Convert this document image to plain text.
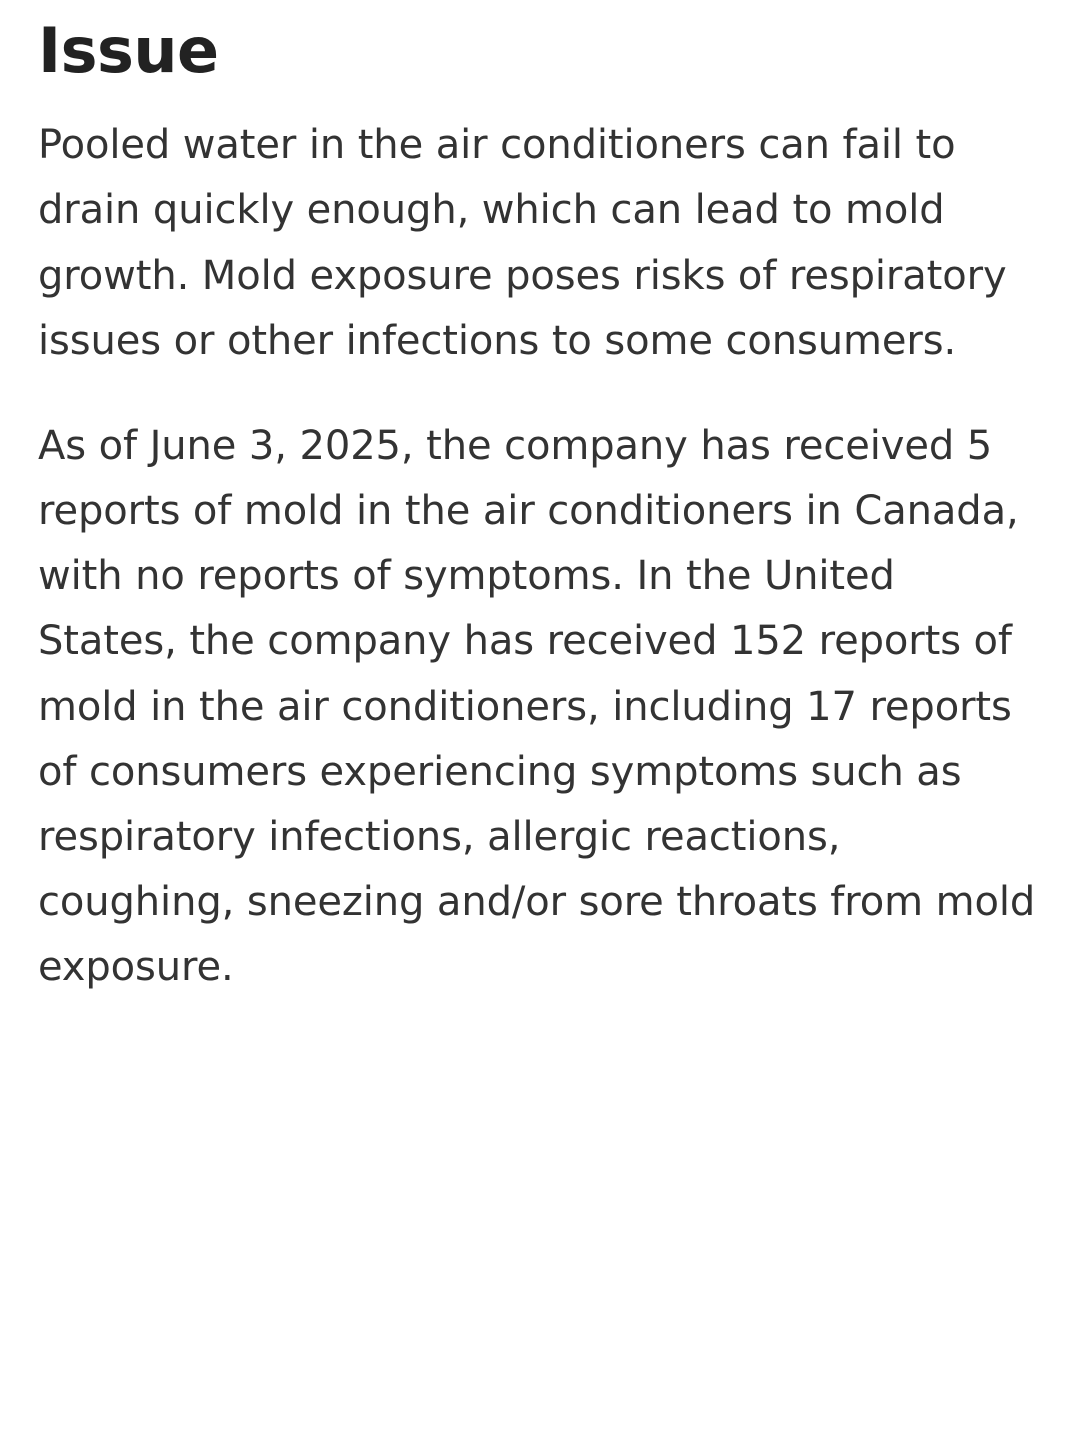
Issue

Pooled water in the air conditioners can fail to drain quickly enough, which can lead to mold growth. Mold exposure poses risks of respiratory issues or other infections to some consumers.

As of June 3, 2025, the company has received 5 reports of mold in the air conditioners in Canada, with no reports of symptoms. In the United States, the company has received 152 reports of mold in the air conditioners, including 17 reports of consumers experiencing symptoms such as respiratory infections, allergic reactions, coughing, sneezing and/or sore throats from mold exposure.
